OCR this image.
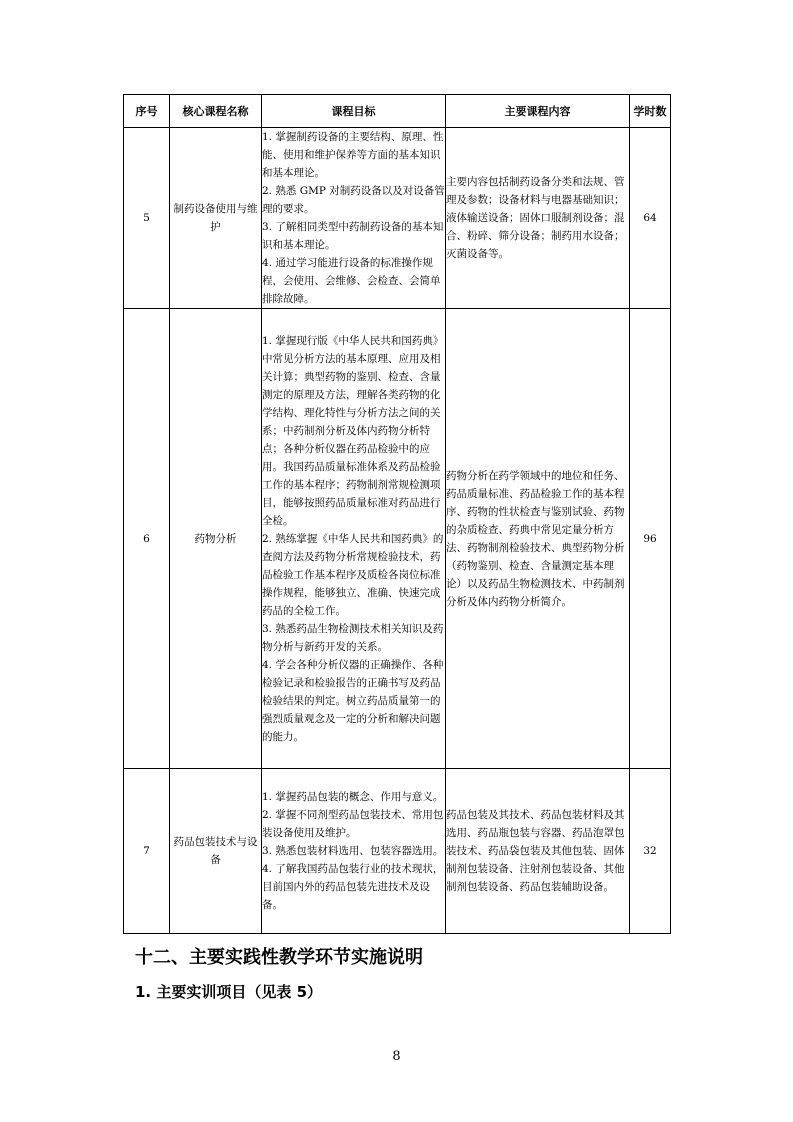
序号	核心课程名称	课程目标	主要课程内容	学时数
5	制药设备使用与维护	1. 掌握制药设备的主要结构、原理、性能、使用和维护保养等方面的基本知识和基本理论。

2. 熟悉 GMP 对制药设备以及对设备管理的要求。

3. 了解相同类型中药制药设备的基本知识和基本理论。

4. 通过学习能进行设备的标准操作规程，会使用、会维修、会检查、会简单排除故障。	主要内容包括制药设备分类和法规、管理及参数；设备材料与电器基础知识；液体输送设备；固体口服制剂设备；混合、粉碎、筛分设备；制药用水设备；灭菌设备等。	64
6	药物分析	1. 掌握现行版《中华人民共和国药典》中常见分析方法的基本原理、应用及相关计算；典型药物的鉴别、检查、含量测定的原理及方法，理解各类药物的化学结构、理化特性与分析方法之间的关系；中药制剂分析及体内药物分析特点；各种分析仪器在药品检验中的应用。我国药品质量标准体系及药品检验工作的基本程序；药物制剂常规检测项目，能够按照药品质量标准对药品进行全检。

2. 熟练掌握《中华人民共和国药典》的查阅方法及药物分析常规检验技术，药品检验工作基本程序及质检各岗位标准操作规程，能够独立、准确、快速完成药品的全检工作。

3. 熟悉药品生物检测技术相关知识及药物分析与新药开发的关系。

4. 学会各种分析仪器的正确操作、各种检验记录和检验报告的正确书写及药品检验结果的判定。树立药品质量第一的强烈质量观念及一定的分析和解决问题的能力。	药物分析在药学领域中的地位和任务、药品质量标准、药品检验工作的基本程序、药物的性状检查与鉴别试验、药物的杂质检查、药典中常见定量分析方法、药物制剂检验技术、典型药物分析（药物鉴别、检查、含量测定基本理论）以及药品生物检测技术、中药制剂分析及体内药物分析简介。	96
7	药品包装技术与设备	1. 掌握药品包装的概念、作用与意义。

2. 掌握不同剂型药品包装技术、常用包装设备使用及维护。

3. 熟悉包装材料选用、包装容器选用。

4. 了解我国药品包装行业的技术现状，目前国内外的药品包装先进技术及设备。	药品包装及其技术、药品包装材料及其选用、药品瓶包装与容器、药品泡罩包装技术、药品袋包装及其他包装、固体制剂包装设备、注射剂包装设备、其他制剂包装设备、药品包装辅助设备。	32
十二、主要实践性教学环节实施说明
1. 主要实训项目（见表 5）
8
